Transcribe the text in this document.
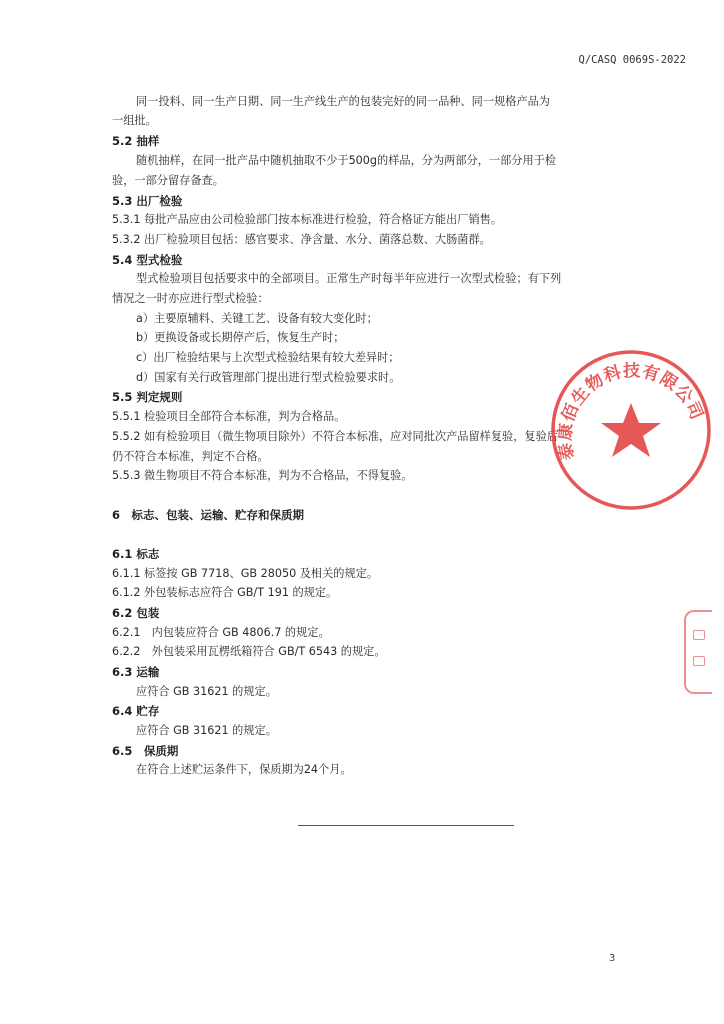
Q/CASQ 0069S-2022
同一投料、同一生产日期、同一生产线生产的包装完好的同一品种、同一规格产品为
一组批。
5.2 抽样
随机抽样，在同一批产品中随机抽取不少于500g的样品，分为两部分，一部分用于检
验，一部分留存备查。
5.3 出厂检验
5.3.1 每批产品应由公司检验部门按本标准进行检验，符合格证方能出厂销售。
5.3.2 出厂检验项目包括：感官要求、净含量、水分、菌落总数、大肠菌群。
5.4 型式检验
型式检验项目包括要求中的全部项目。正常生产时每半年应进行一次型式检验；有下列
情况之一时亦应进行型式检验：
a）主要原辅料、关键工艺、设备有较大变化时；
b）更换设备或长期停产后，恢复生产时；
c）出厂检验结果与上次型式检验结果有较大差异时；
d）国家有关行政管理部门提出进行型式检验要求时。
5.5 判定规则
5.5.1 检验项目全部符合本标准，判为合格品。
5.5.2 如有检验项目（微生物项目除外）不符合本标准，应对同批次产品留样复验，复验后
仍不符合本标准，判定不合格。
5.5.3 微生物项目不符合本标准，判为不合格品，不得复验。
6　标志、包装、运输、贮存和保质期
6.1 标志
6.1.1 标签按 GB 7718、GB 28050 及相关的规定。
6.1.2 外包装标志应符合 GB/T 191 的规定。
6.2 包装
6.2.1　内包装应符合 GB 4806.7 的规定。
6.2.2　外包装采用瓦楞纸箱符合 GB/T 6543 的规定。
6.3 运输
应符合 GB 31621 的规定。
6.4 贮存
应符合 GB 31621 的规定。
6.5　保质期
在符合上述贮运条件下，保质期为24个月。
3
泰康佰生物科技有限公司
